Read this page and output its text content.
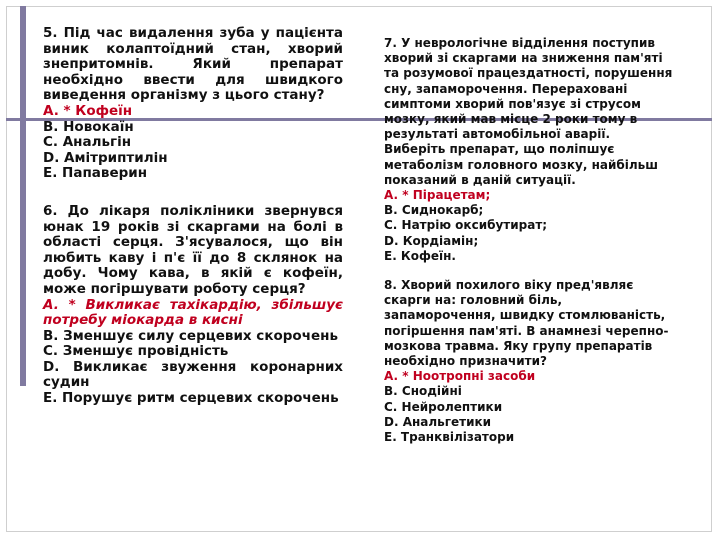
5. Під час видалення зуба у пацієнта виник колаптоїдний стан, хворий знепритомнів. Який препарат необхідно ввести для швидкого виведення організму з цього стану?

A. * Кофеїн

B. Новокаїн

C. Анальгін

D. Амітриптилін

E. Папаверин

6. До лікаря полікліники звернувся юнак 19 років зі скаргами на болі в області серця. З'ясувалося, що він любить каву і п'є її до 8 склянок на добу. Чому кава, в якій є кофеїн, може погіршувати роботу серця?

A. * Викликає тахікардію, збільшує потребу міокарда в кисні

B. Зменшує силу серцевих скорочень

C. Зменшує провідність

D. Викликає звуження коронарних судин

E. Порушує ритм серцевих скорочень

7. У неврологічне відділення поступив
хворий зі скаргами на зниження пам'яті
та розумової працездатності, порушення
сну, запаморочення. Перераховані
симптоми хворий пов'язує зі струсом
мозку, який мав місце 2 роки тому в
результаті автомобільної аварії.
Виберіть препарат, що поліпшує
метаболізм головного мозку, найбільш
показаний в даній ситуації.
A. * Пірацетам;
B. Сиднокарб;
C. Натрію оксибутират;
D. Кордіамін;
E. Кофеїн.
8. Хворий похилого віку пред'являє
скарги на: головний біль,
запаморочення, швидку стомлюваність,
погіршення пам'яті. В анамнезі черепно-
мозкова травма. Яку групу препаратів
необхідно призначити?
A. * Ноотропні засоби
B. Снодійні
C. Нейролептики
D. Анальгетики
E. Транквілізатори
